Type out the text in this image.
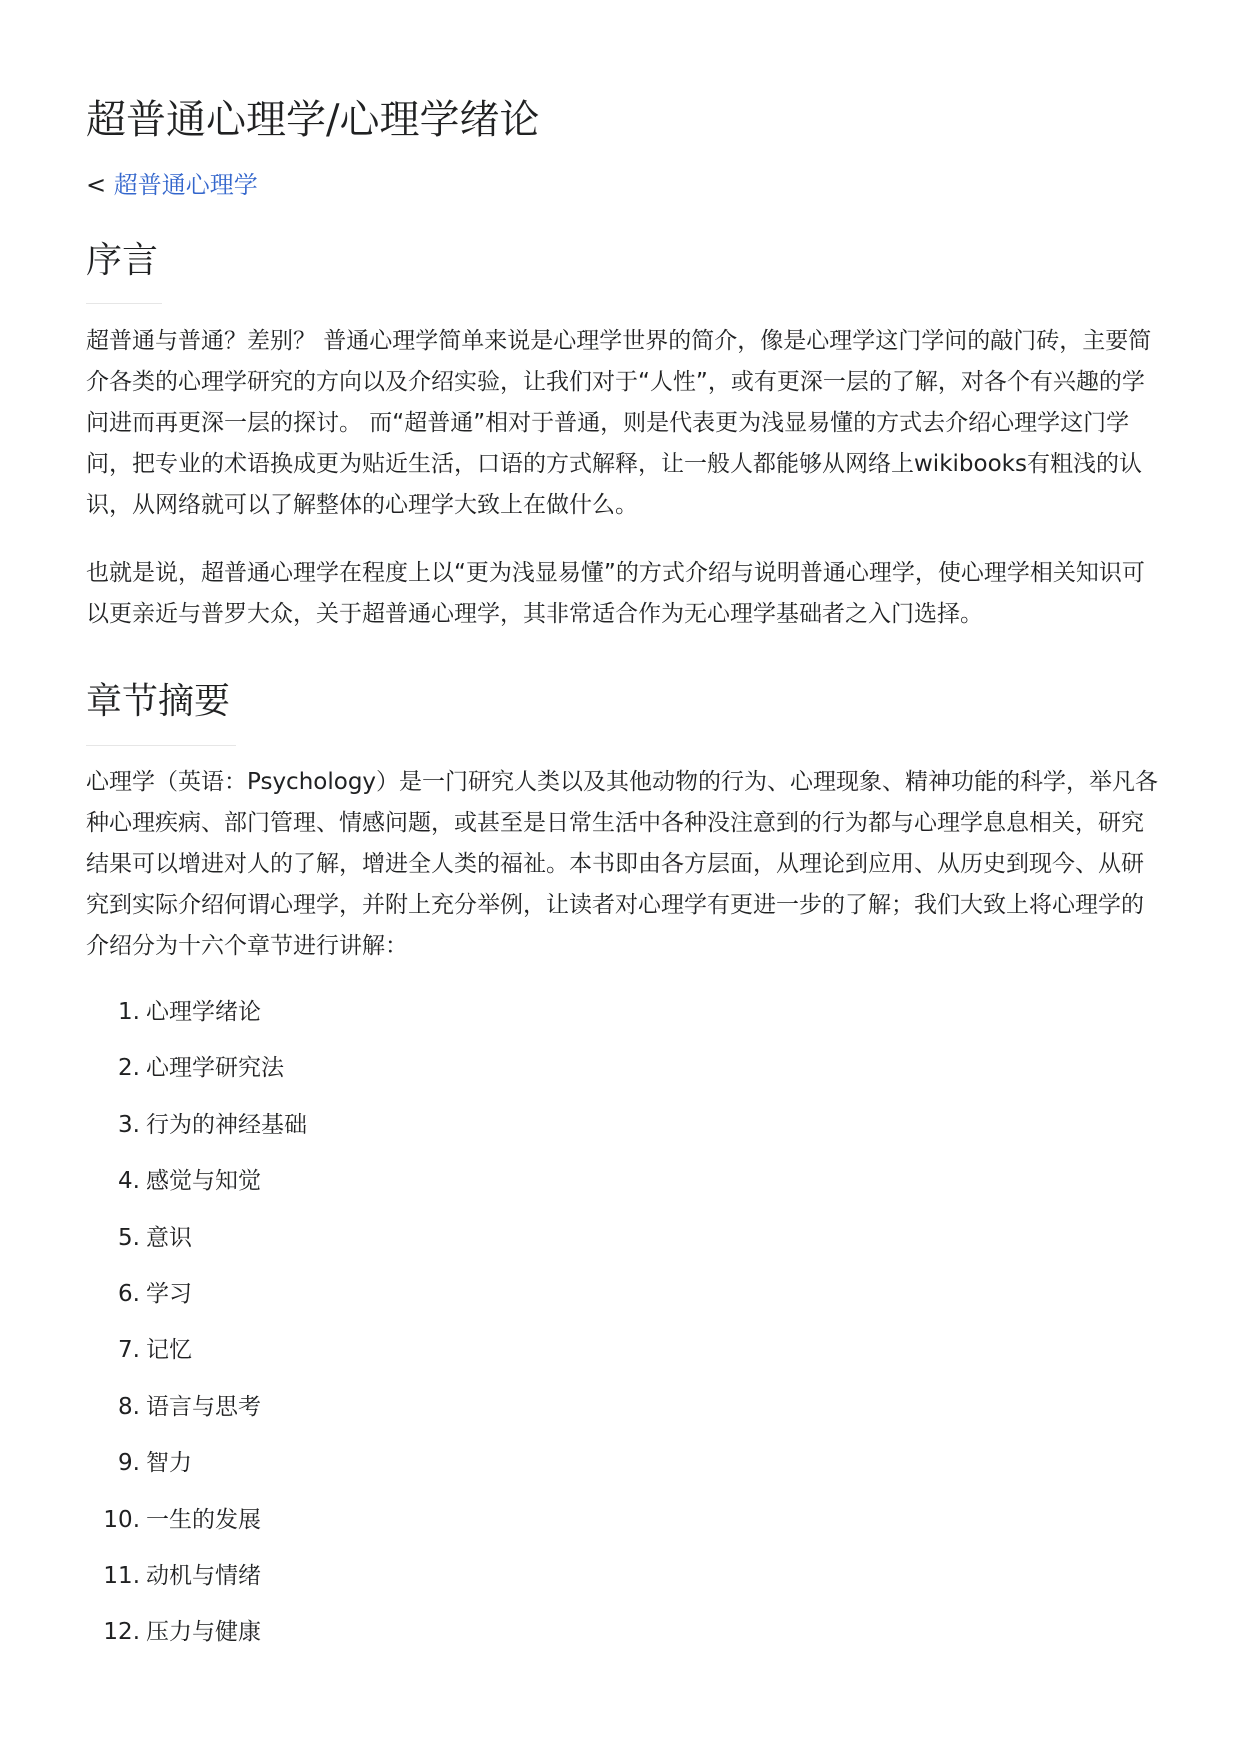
超普通心理学/心理学绪论
< 超普通心理学
序言

超普通与普通？差别？ 普通心理学简单来说是心理学世界的简介，像是心理学这门学问的敲门砖，主要简介各类的心理学研究的方向以及介绍实验，让我们对于“人性”，或有更深一层的了解，对各个有兴趣的学问进而再更深一层的探讨。 而“超普通”相对于普通，则是代表更为浅显易懂的方式去介绍心理学这门学问，把专业的术语换成更为贴近生活，口语的方式解释，让一般人都能够从网络上wikibooks有粗浅的认识，从网络就可以了解整体的心理学大致上在做什么。

也就是说，超普通心理学在程度上以“更为浅显易懂”的方式介绍与说明普通心理学，使心理学相关知识可以更亲近与普罗大众，关于超普通心理学，其非常适合作为无心理学基础者之入门选择。

章节摘要

心理学（英语：Psychology）是一门研究人类以及其他动物的行为、心理现象、精神功能的科学，举凡各种心理疾病、部门管理、情感问题，或甚至是日常生活中各种没注意到的行为都与心理学息息相关，研究结果可以增进对人的了解，增进全人类的福祉。本书即由各方层面，从理论到应用、从历史到现今、从研究到实际介绍何谓心理学，并附上充分举例，让读者对心理学有更进一步的了解；我们大致上将心理学的介绍分为十六个章节进行讲解：

1. 心理学绪论
2. 心理学研究法
3. 行为的神经基础
4. 感觉与知觉
5. 意识
6. 学习
7. 记忆
8. 语言与思考
9. 智力
10. 一生的发展
11. 动机与情绪
12. 压力与健康
